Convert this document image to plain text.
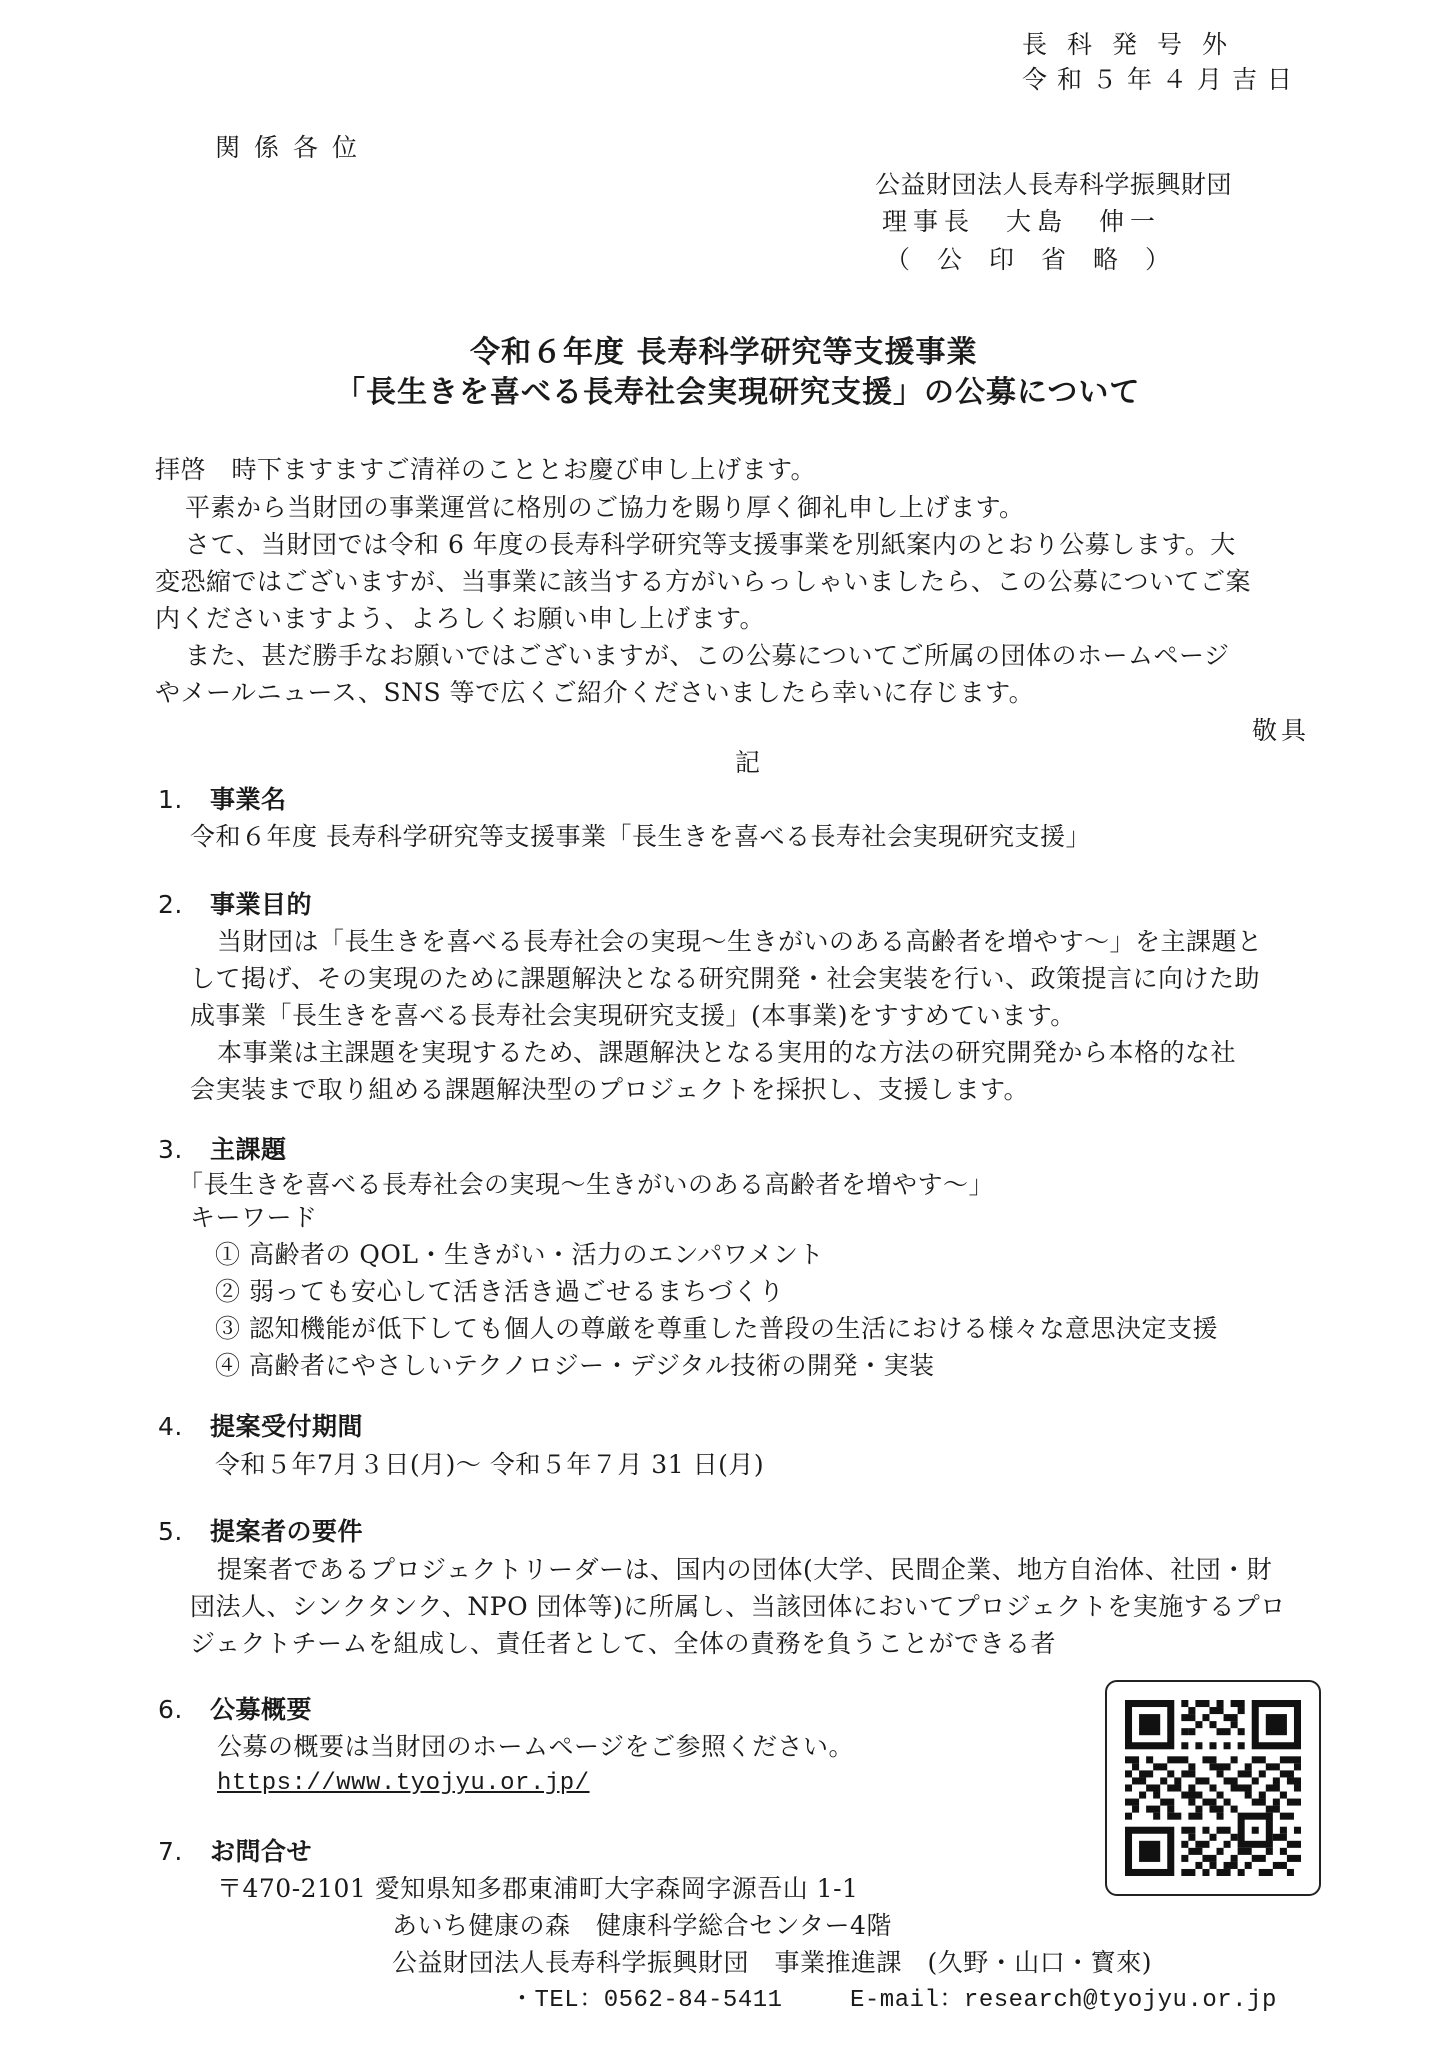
長科発号外
令和５年４月吉日
関係各位
公益財団法人長寿科学振興財団
理事長　大島　伸一
（公印省略）
令和６年度 長寿科学研究等支援事業
「長生きを喜べる長寿社会実現研究支援」の公募について
拝啓　時下ますますご清祥のこととお慶び申し上げます。
平素から当財団の事業運営に格別のご協力を賜り厚く御礼申し上げます。
さて、当財団では令和 6 年度の長寿科学研究等支援事業を別紙案内のとおり公募します。大
変恐縮ではございますが、当事業に該当する方がいらっしゃいましたら、この公募についてご案
内くださいますよう、よろしくお願い申し上げます。
また、甚だ勝手なお願いではございますが、この公募についてご所属の団体のホームページ
やメールニュース、SNS 等で広くご紹介くださいましたら幸いに存じます。
敬具
記
1. 事業名
令和６年度 長寿科学研究等支援事業「長生きを喜べる長寿社会実現研究支援」
2. 事業目的
当財団は「長生きを喜べる長寿社会の実現～生きがいのある高齢者を増やす～」を主課題と
して掲げ、その実現のために課題解決となる研究開発・社会実装を行い、政策提言に向けた助
成事業「長生きを喜べる長寿社会実現研究支援」(本事業)をすすめています。
本事業は主課題を実現するため、課題解決となる実用的な方法の研究開発から本格的な社
会実装まで取り組める課題解決型のプロジェクトを採択し、支援します。
3. 主課題
「長生きを喜べる長寿社会の実現～生きがいのある高齢者を増やす～」
キーワード
① 高齢者の QOL・生きがい・活力のエンパワメント
② 弱っても安心して活き活き過ごせるまちづくり
③ 認知機能が低下しても個人の尊厳を尊重した普段の生活における様々な意思決定支援
④ 高齢者にやさしいテクノロジー・デジタル技術の開発・実装
4. 提案受付期間
令和５年7月３日(月)～ 令和５年７月 31 日(月)
5. 提案者の要件
提案者であるプロジェクトリーダーは、国内の団体(大学、民間企業、地方自治体、社団・財
団法人、シンクタンク、NPO 団体等)に所属し、当該団体においてプロジェクトを実施するプロ
ジェクトチームを組成し、責任者として、全体の責務を負うことができる者
6. 公募概要
公募の概要は当財団のホームページをご参照ください。
https://www.tyojyu.or.jp/
7. お問合せ
〒470-2101 愛知県知多郡東浦町大字森岡字源吾山 1-1
あいち健康の森　健康科学総合センター4階
公益財団法人長寿科学振興財団　事業推進課　(久野・山口・寳來)
・TEL：0562-84-5411	E-mail：research@tyojyu.or.jp
